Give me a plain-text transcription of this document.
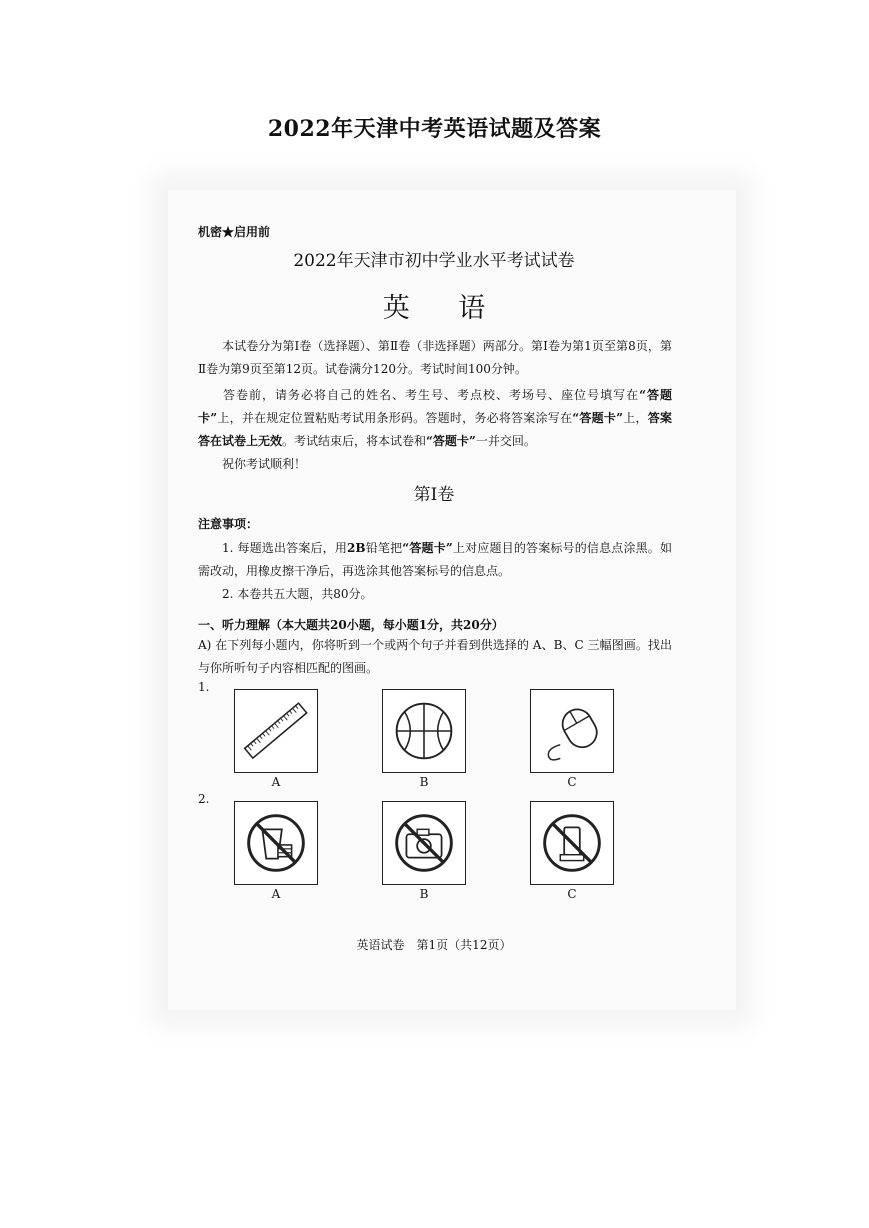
2022年天津中考英语试题及答案
机密★启用前
2022年天津市初中学业水平考试试卷
英 语
本试卷分为第Ⅰ卷（选择题）、第Ⅱ卷（非选择题）两部分。第Ⅰ卷为第1页至第8页，第Ⅱ卷为第9页至第12页。试卷满分120分。考试时间100分钟。
答卷前，请务必将自己的姓名、考生号、考点校、考场号、座位号填写在“答题卡”上，并在规定位置粘贴考试用条形码。答题时，务必将答案涂写在“答题卡”上，答案答在试卷上无效。考试结束后，将本试卷和“答题卡”一并交回。
祝你考试顺利！
第Ⅰ卷
注意事项：
1. 每题选出答案后，用2B铅笔把“答题卡”上对应题目的答案标号的信息点涂黑。如需改动，用橡皮擦干净后，再选涂其他答案标号的信息点。
2. 本卷共五大题，共80分。
一、听力理解（本大题共20小题，每小题1分，共20分）
A) 在下列每小题内，你将听到一个或两个句子并看到供选择的 A、B、C 三幅图画。找出与你所听句子内容相匹配的图画。
1.
A	B	C
2.
A	B	C
英语试卷　第1页（共12页）
